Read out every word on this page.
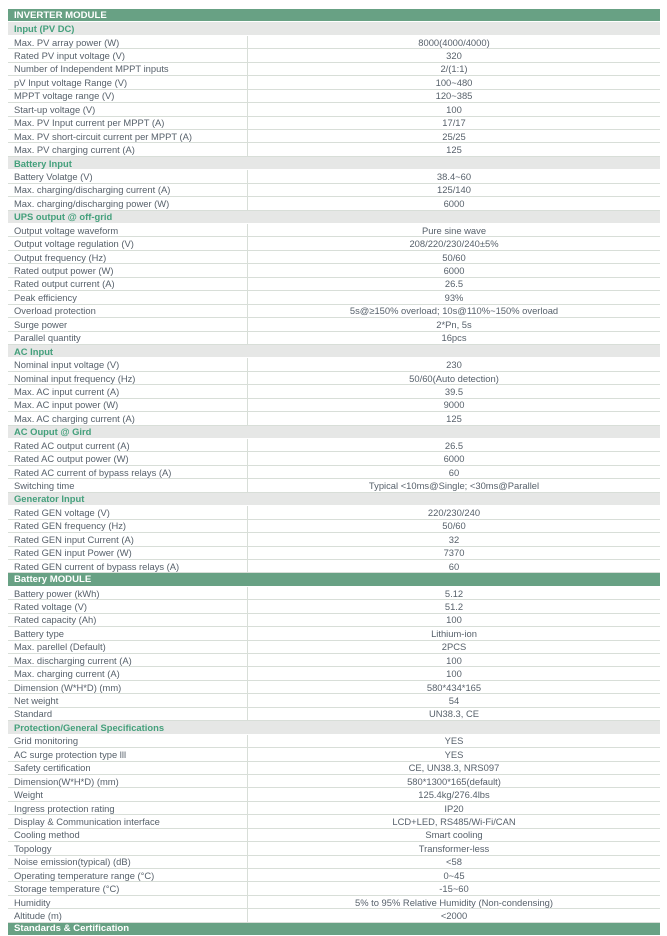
INVERTER MODULE
Input (PV DC)
Max. PV array power (W)	8000(4000/4000)
Rated PV input voltage (V)	320
Number of Independent MPPT inputs	2/(1:1)
pV Input voltage Range (V)	100~480
MPPT voltage range (V)	120~385
Start-up voltage (V)	100
Max. PV Input current per MPPT (A)	17/17
Max. PV short-circuit current per MPPT (A)	25/25
Max. PV charging current (A)	125
Battery Input
Battery Volatge (V)	38.4~60
Max. charging/discharging current (A)	125/140
Max. charging/discharging power (W)	6000
UPS output @ off-grid
Output voltage waveform	Pure sine wave
Output voltage regulation (V)	208/220/230/240±5%
Output frequency (Hz)	50/60
Rated output power (W)	6000
Rated output current (A)	26.5
Peak efficiency	93%
Overload protection	5s@≥150% overload; 10s@110%~150% overload
Surge power	2*Pn, 5s
Parallel quantity	16pcs
AC Input
Nominal input voltage (V)	230
Nominal input frequency (Hz)	50/60(Auto detection)
Max. AC input current (A)	39.5
Max. AC input power (W)	9000
Max. AC charging current (A)	125
AC Ouput @ Gird
Rated AC output current (A)	26.5
Rated AC output power (W)	6000
Rated AC current of bypass relays (A)	60
Switching time	Typical <10ms@Single; <30ms@Parallel
Generator Input
Rated GEN voltage (V)	220/230/240
Rated GEN frequency (Hz)	50/60
Rated GEN input Current (A)	32
Rated GEN input Power (W)	7370
Rated GEN current of bypass relays (A)	60
Battery MODULE
Battery power (kWh)	5.12
Rated voltage (V)	51.2
Rated capacity (Ah)	100
Battery type	Lithium-ion
Max. parellel (Default)	2PCS
Max. discharging current (A)	100
Max. charging current (A)	100
Dimension (W*H*D) (mm)	580*434*165
Net weight	54
Standard	UN38.3, CE
Protection/General Specifications
Grid monitoring	YES
AC surge protection type lll	YES
Safety certification	CE, UN38.3, NRS097
Dimension(W*H*D) (mm)	580*1300*165(default)
Weight	125.4kg/276.4lbs
Ingress protection rating	IP20
Display & Communication interface	LCD+LED, RS485/Wi-Fi/CAN
Cooling method	Smart cooling
Topology	Transformer-less
Noise emission(typical) (dB)	<58
Operating temperature range (°C)	0~45
Storage temperature (°C)	-15~60
Humidity	5% to 95% Relative Humidity (Non-condensing)
Altitude (m)	<2000
Standards & Certification
